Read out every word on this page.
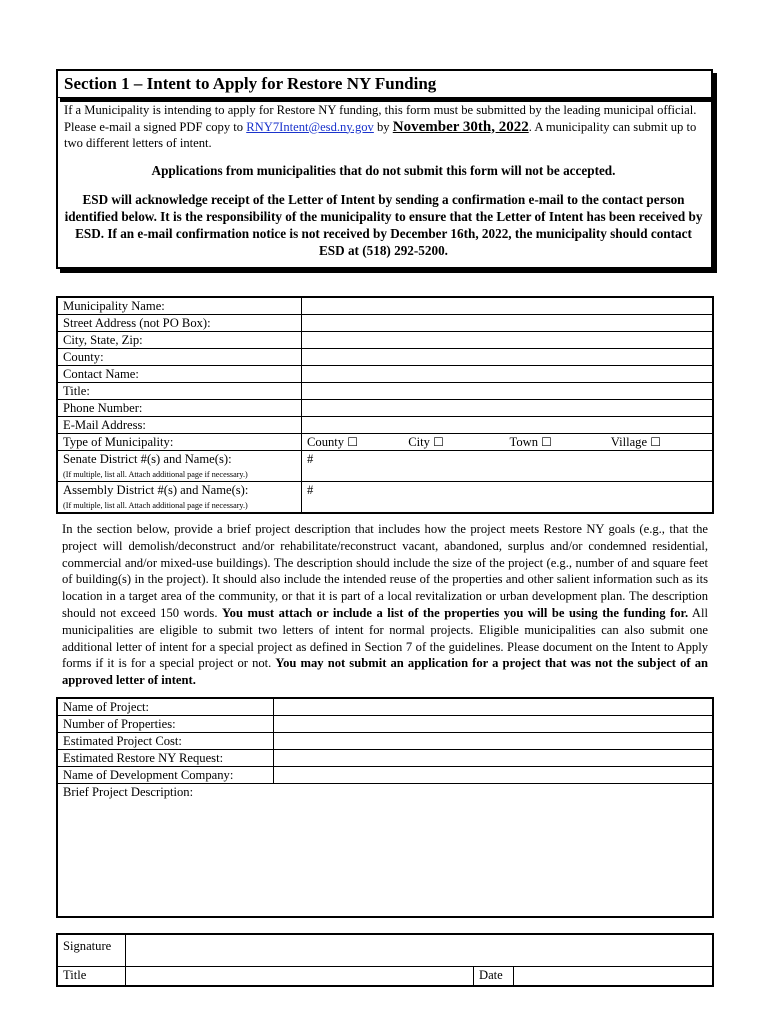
Section 1 – Intent to Apply for Restore NY Funding

If a Municipality is intending to apply for Restore NY funding, this form must be submitted by the leading municipal official. Please e-mail a signed PDF copy to RNY7Intent@esd.ny.gov by November 30th, 2022. A municipality can submit up to two different letters of intent.

Applications from municipalities that do not submit this form will not be accepted.

ESD will acknowledge receipt of the Letter of Intent by sending a confirmation e-mail to the contact person identified below. It is the responsibility of the municipality to ensure that the Letter of Intent has been received by ESD. If an e-mail confirmation notice is not received by December 16th, 2022, the municipality should contact ESD at (518) 292-5200.

Municipality Name:	
Street Address (not PO Box):	
City, State, Zip:	
County:	
Contact Name:	
Title:	
Phone Number:	
E-Mail Address:	
Type of Municipality:	County ☐ City ☐ Town ☐ Village ☐

Senate District #(s) and Name(s):
(If multiple, list all. Attach additional page if necessary.)	#
Assembly District #(s) and Name(s):
(If multiple, list all. Attach additional page if necessary.)	#

In the section below, provide a brief project description that includes how the project meets Restore NY goals (e.g., that the project will demolish/deconstruct and/or rehabilitate/reconstruct vacant, abandoned, surplus and/or condemned residential, commercial and/or mixed-use buildings). The description should include the size of the project (e.g., number of and square feet of building(s) in the project). It should also include the intended reuse of the properties and other salient information such as its location in a target area of the community, or that it is part of a local revitalization or urban development plan. The description should not exceed 150 words. You must attach or include a list of the properties you will be using the funding for. All municipalities are eligible to submit two letters of intent for normal projects. Eligible municipalities can also submit one additional letter of intent for a special project as defined in Section 7 of the guidelines. Please document on the Intent to Apply forms if it is for a special project or not. You may not submit an application for a project that was not the subject of an approved letter of intent.

Name of Project:	
Number of Properties:	
Estimated Project Cost:	
Estimated Restore NY Request:	
Name of Development Company:	
Brief Project Description:	
Signature			
Title		Date	
